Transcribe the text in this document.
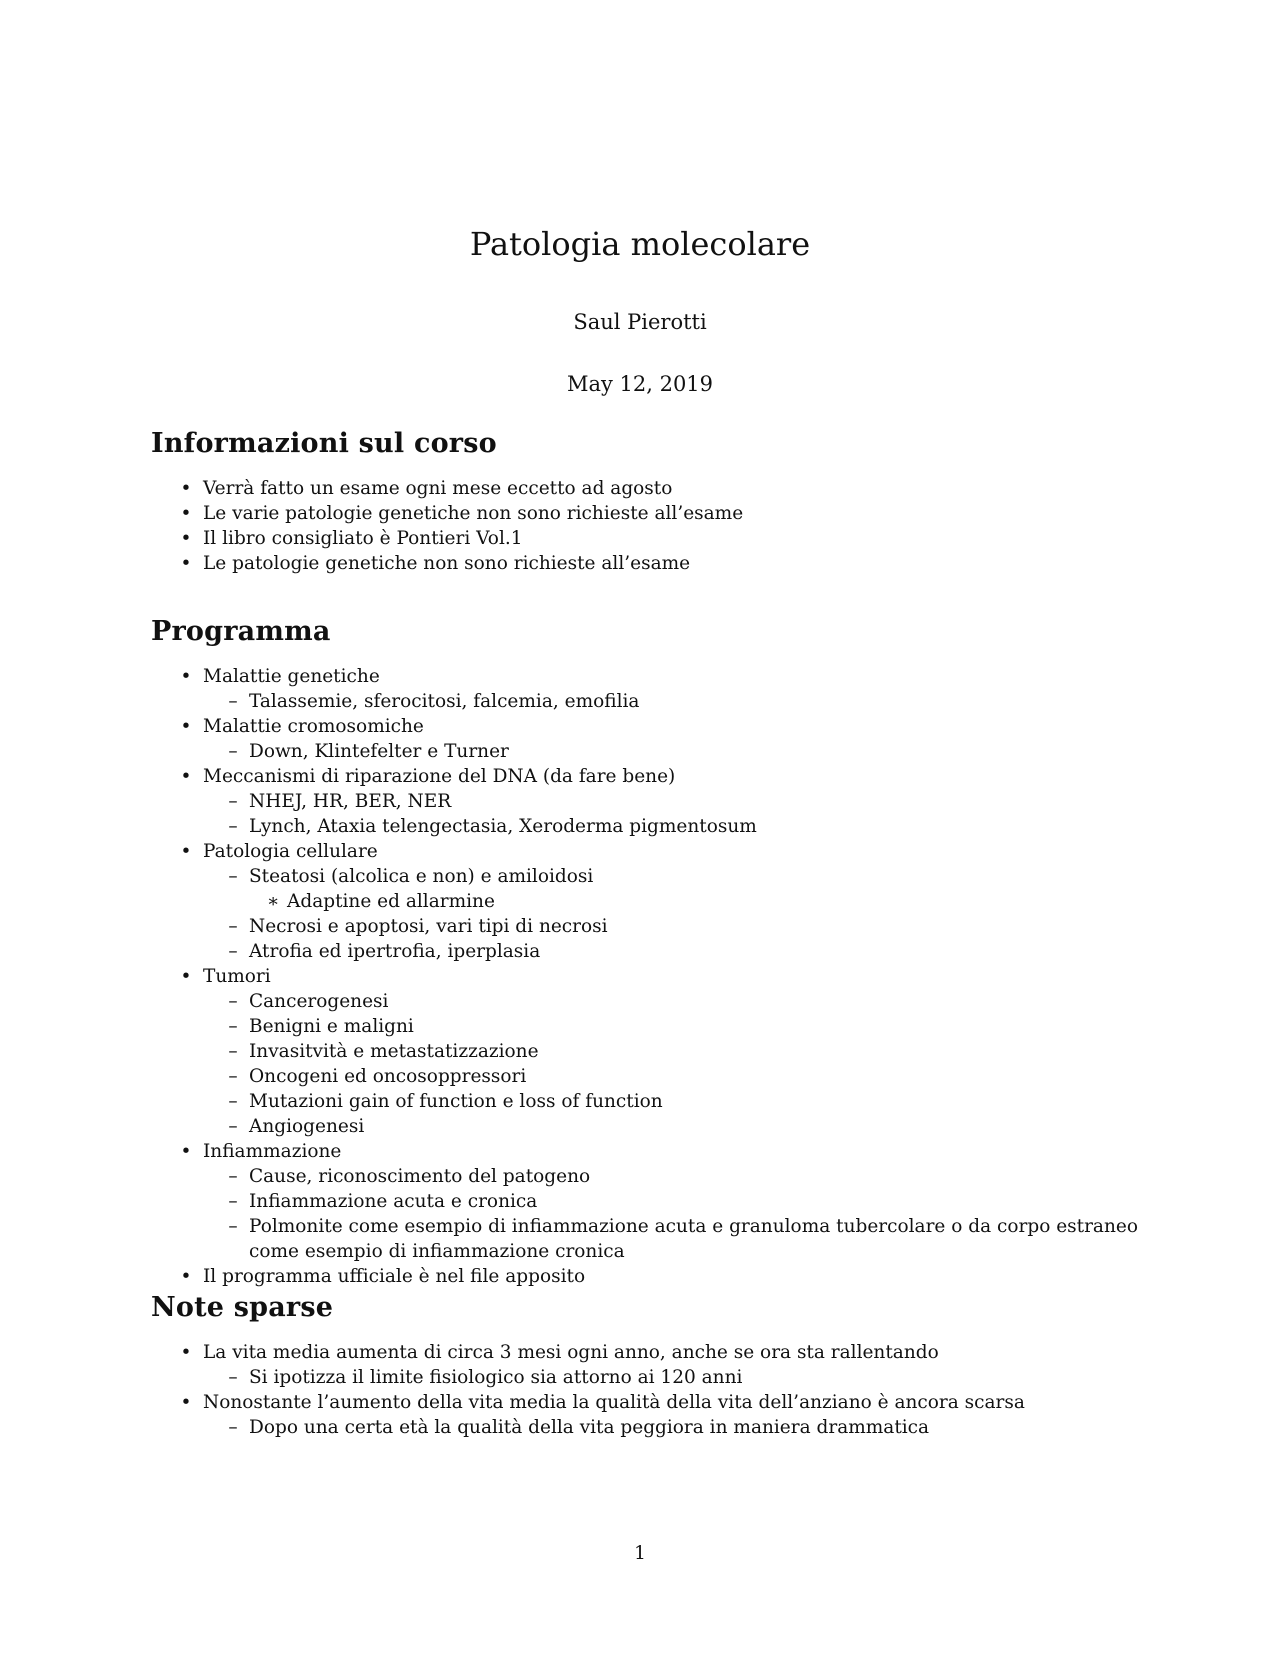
Patologia molecolare
Saul Pierotti
May 12, 2019
Informazioni sul corso
• Verrà fatto un esame ogni mese eccetto ad agosto
• Le varie patologie genetiche non sono richieste all’esame
• Il libro consigliato è Pontieri Vol.1
• Le patologie genetiche non sono richieste all’esame
Programma
• Malattie genetiche
– Talassemie, sferocitosi, falcemia, emofilia
• Malattie cromosomiche
– Down, Klintefelter e Turner
• Meccanismi di riparazione del DNA (da fare bene)
– NHEJ, HR, BER, NER
– Lynch, Ataxia telengectasia, Xeroderma pigmentosum
• Patologia cellulare
– Steatosi (alcolica e non) e amiloidosi
∗ Adaptine ed allarmine
– Necrosi e apoptosi, vari tipi di necrosi
– Atrofia ed ipertrofia, iperplasia
• Tumori
– Cancerogenesi
– Benigni e maligni
– Invasitvità e metastatizzazione
– Oncogeni ed oncosoppressori
– Mutazioni gain of function e loss of function
– Angiogenesi
• Infiammazione
– Cause, riconoscimento del patogeno
– Infiammazione acuta e cronica
– Polmonite come esempio di infiammazione acuta e granuloma tubercolare o da corpo estraneo come esempio di infiammazione cronica
• Il programma ufficiale è nel file apposito
Note sparse
• La vita media aumenta di circa 3 mesi ogni anno, anche se ora sta rallentando
– Si ipotizza il limite fisiologico sia attorno ai 120 anni
• Nonostante l’aumento della vita media la qualità della vita dell’anziano è ancora scarsa
– Dopo una certa età la qualità della vita peggiora in maniera drammatica
1
